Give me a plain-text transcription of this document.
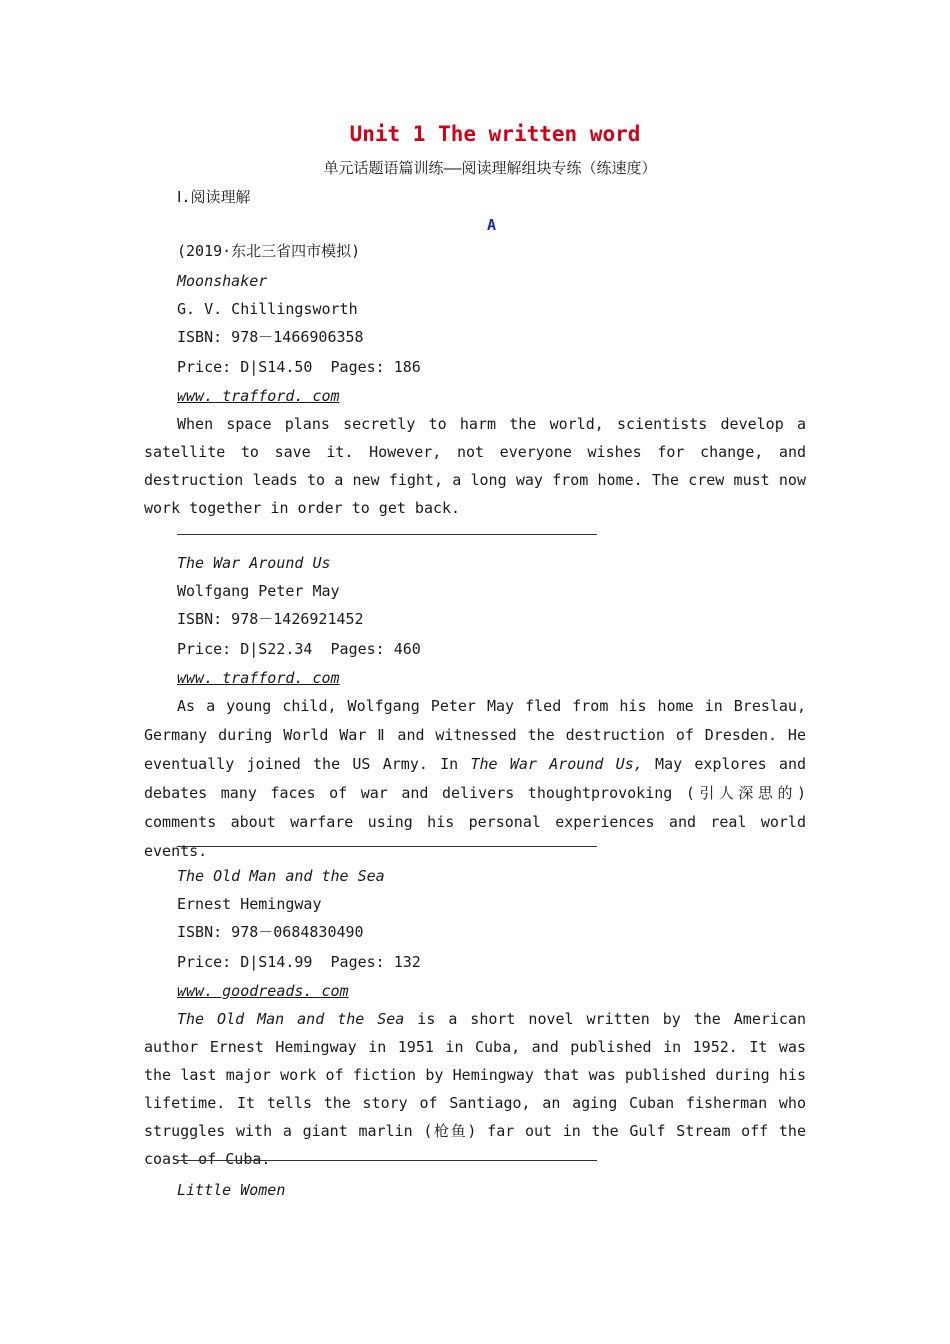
Unit 1 The written word
单元话题语篇训练——阅读理解组块专练（练速度）
Ⅰ.阅读理解
A
(2019·东北三省四市模拟)
Moonshaker
G. V. Chillingsworth
ISBN: 978－1466906358
Price: D|S14.50  Pages: 186
www. trafford. com
When space plans secretly to harm the world, scientists develop a satellite to save it. However, not everyone wishes for change, and destruction leads to a new fight, a long way from home. The crew must now work together in order to get back.
The War Around Us
Wolfgang Peter May
ISBN: 978－1426921452
Price: D|S22.34  Pages: 460
www. trafford. com
As a young child, Wolfgang Peter May fled from his home in Breslau, Germany during World War Ⅱ and witnessed the destruction of Dresden. He eventually joined the US Army. In The War Around Us, May explores and debates many faces of war and delivers thoughtprovoking (引人深思的) comments about warfare using his personal experiences and real world events.
The Old Man and the Sea
Ernest Hemingway
ISBN: 978－0684830490
Price: D|S14.99  Pages: 132
www. goodreads. com
The Old Man and the Sea is a short novel written by the American author Ernest Hemingway in 1951 in Cuba, and published in 1952. It was the last major work of fiction by Hemingway that was published during his lifetime. It tells the story of Santiago, an aging Cuban fisherman who struggles with a giant marlin (枪鱼) far out in the Gulf Stream off the coast of Cuba.
Little Women
